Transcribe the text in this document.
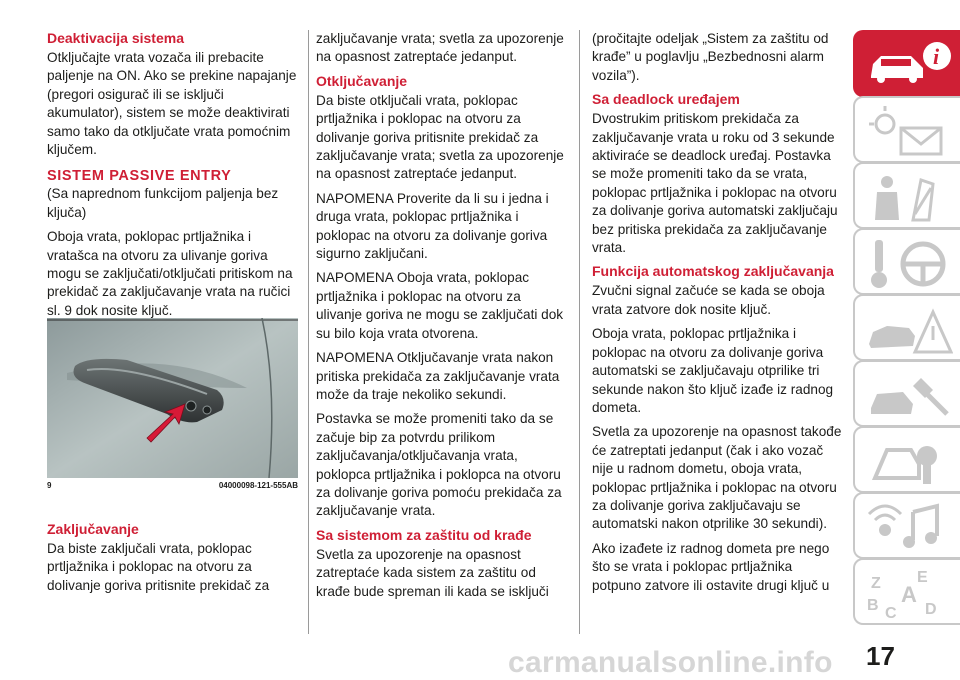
Deaktivacija sistema

Otključajte vrata vozača ili prebacite paljenje na ON. Ako se prekine napajanje (pregori osigurač ili se isključi akumulator), sistem se može deaktivirati samo tako da otključate vrata pomoćnim ključem.

SISTEM PASSIVE ENTRY

(Sa naprednom funkcijom paljenja bez ključa)

Oboja vrata, poklopac prtljažnika i vratašca na otvoru za ulivanje goriva mogu se zaključati/otključati pritiskom na prekidač za zaključavanje vrata na ručici sl. 9 dok nosite ključ.

9	04000098-121-555AB
Zaključavanje

Da biste zaključali vrata, poklopac prtljažnika i poklopac na otvoru za dolivanje goriva pritisnite prekidač za

zaključavanje vrata; svetla za upozorenje na opasnost zatreptaće jedanput.

Otključavanje

Da biste otključali vrata, poklopac prtljažnika i poklopac na otvoru za dolivanje goriva pritisnite prekidač za zaključavanje vrata; svetla za upozorenje na opasnost zatreptaće jedanput.

NAPOMENA Proverite da li su i jedna i druga vrata, poklopac prtljažnika i poklopac na otvoru za dolivanje goriva sigurno zaključani.

NAPOMENA Oboja vrata, poklopac prtljažnika i poklopac na otvoru za ulivanje goriva ne mogu se zaključati dok su bilo koja vrata otvorena.

NAPOMENA Otključavanje vrata nakon pritiska prekidača za zaključavanje vrata može da traje nekoliko sekundi.

Postavka se može promeniti tako da se začuje bip za potvrdu prilikom zaključavanja/otključavanja vrata, poklopca prtljažnika i poklopca na otvoru za dolivanje goriva pomoću prekidača za zaključavanje vrata.

Sa sistemom za zaštitu od krađe

Svetla za upozorenje na opasnost zatreptaće kada sistem za zaštitu od krađe bude spreman ili kada se isključi

(pročitajte odeljak „Sistem za zaštitu od krađe” u poglavlju „Bezbednosni alarm vozila”).

Sa deadlock uređajem

Dvostrukim pritiskom prekidača za zaključavanje vrata u roku od 3 sekunde aktiviraće se deadlock uređaj. Postavka se može promeniti tako da se vrata, poklopac prtljažnika i poklopac na otvoru za dolivanje goriva automatski zaključaju bez pritiska prekidača za zaključavanje vrata.

Funkcija automatskog zaključavanja

Zvučni signal začuće se kada se oboja vrata zatvore dok nosite ključ.

Oboja vrata, poklopac prtljažnika i poklopac na otvoru za dolivanje goriva automatski se zaključavaju otprilike tri sekunde nakon što ključ izađe iz radnog dometa.

Svetla za upozorenje na opasnost takođe će zatreptati jedanput (čak i ako vozač nije u radnom dometu, oboja vrata, poklopac prtljažnika i poklopac na otvoru za dolivanje goriva zaključavaju se automatski nakon otprilike 30 sekundi).

Ako izađete iz radnog dometa pre nego što se vrata i poklopac prtljažnika potpuno zatvore ili ostavite drugi ključ u

i
Z E
A
B C D
carmanualsonline.info 17
